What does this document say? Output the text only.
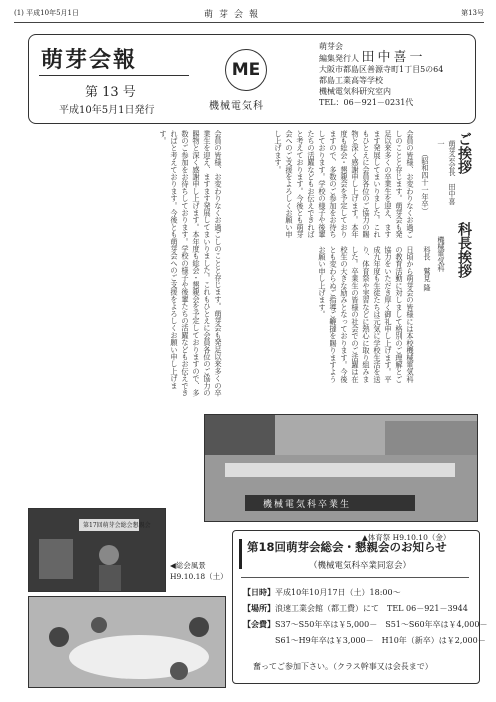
(1) 平成10年5月1日	萌芽会報	第13号
萌芽会報
第 13 号
平成10年5月1日発行
ME
機械電気科
萌芽会
編集発行人 田中喜一
大阪市都島区善源寺町1丁目5の64
都島工業高等学校
機械電気科研究室内
TEL：06－921－0231代
ご挨拶
萌芽会会長　田中喜一
（昭和四十一年卒）
会員の皆様、お変わりなくお過ごしのことと存じます。萌芽会も発足以来多くの卒業生を迎え、ますます発展してまいりました。これもひとえに会員各位のご協力の賜物と深く感謝申し上げます。本年度も総会・懇親会を予定しておりますので、多数のご参加をお待ちしております。学校の様子や後輩たちの活躍などもお伝えできればと考えております。今後とも萌芽会へのご支援をよろしくお願い申し上げます。
科長挨拶
機械電気科
科長　鷲見 隆
日頃から萌芽会の皆様には本校機械電気科の教育活動に対しまして格別のご理解とご協力をいただき厚く御礼申し上げます。平成九年度も生徒たちは元気に学校生活を送り、体育祭や実習などに熱心に取り組みました。卒業生の皆様の社会でのご活躍は在校生の大きな励みとなっております。今後とも変わらぬご指導ご鞭撻を賜りますようお願い申し上げます。
会員の皆様、お変わりなくお過ごしのことと存じます。萌芽会も発足以来多くの卒業生を迎え、ますます発展してまいりました。これもひとえに会員各位のご協力の賜物と深く感謝申し上げます。本年度も総会・懇親会を予定しておりますので、多数のご参加をお待ちしております。学校の様子や後輩たちの活躍などもお伝えできればと考えております。今後とも萌芽会へのご支援をよろしくお願い申し上げます。
機械電気科卒業生
▲体育祭 H9.10.10（金）
第17回萌芽会総会懇親会
◀総会風景
H9.10.18（土）
第18回萌芽会総会・懇親会のお知らせ
（機械電気科卒業同窓会）
【日時】平成10年10月17日（土）18:00～
【場所】浪速工業会館（都工費）にて　 TEL 06－921－3944
【会費】S37～S50年卒は￥5,000－　 S51～S60年卒は￥4,000－
S61～H9年卒は￥3,000－　 H10年（新卒）は￥2,000－
奮ってご参加下さい。（クラス幹事又は会長まで）
